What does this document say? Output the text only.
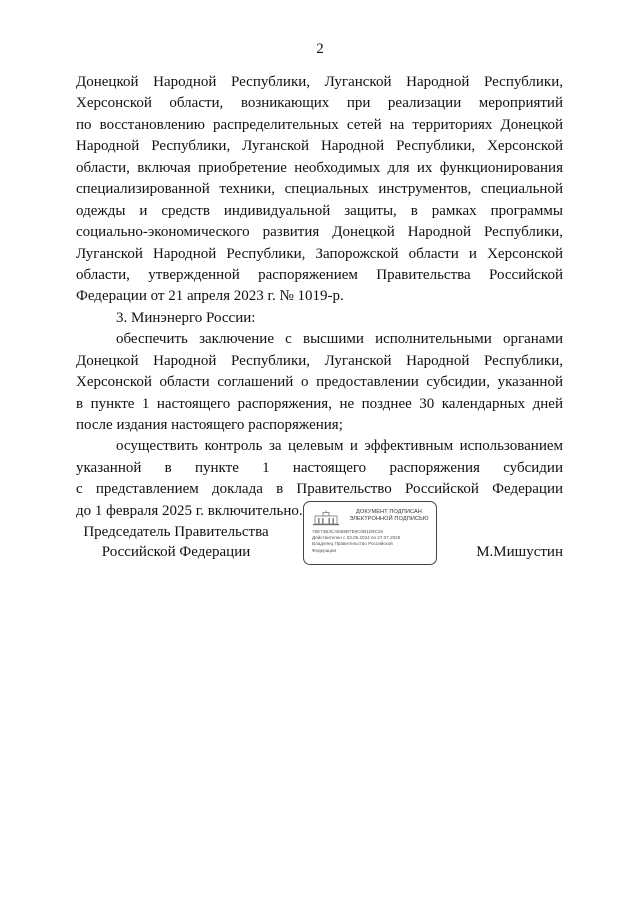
2
Донецкой Народной Республики, Луганской Народной Республики,
Херсонской области, возникающих при реализации мероприятий
по восстановлению распределительных сетей на территориях Донецкой
Народной Республики, Луганской Народной Республики, Херсонской
области, включая приобретение необходимых для их функционирования
специализированной техники, специальных инструментов, специальной
одежды и средств индивидуальной защиты, в рамках программы
социально-экономического развития Донецкой Народной Республики,
Луганской Народной Республики, Запорожской области и Херсонской
области, утвержденной распоряжением Правительства Российской
Федерации от 21 апреля 2023 г. № 1019-р.
3. Минэнерго России:
обеспечить заключение с высшими исполнительными органами
Донецкой Народной Республики, Луганской Народной Республики,
Херсонской области соглашений о предоставлении субсидии, указанной
в пункте 1 настоящего распоряжения, не позднее 30 календарных дней
после издания настоящего распоряжения;
осуществить контроль за целевым и эффективным использованием
указанной в пункте 1 настоящего распоряжения субсидии
с представлением доклада в Правительство Российской Федерации
до 1 февраля 2025 г. включительно.
Председатель Правительства
Российской Федерации
ДОКУМЕНТ ПОДПИСАН
ЭЛЕКТРОННОЙ ПОДПИСЬЮ
78E74B3CAEB9B7E9C0B1D9C26
Действителен с 03.05.2024 по 27.07.2025
Владелец Правительство Российской
Федерации	М.Мишустин
